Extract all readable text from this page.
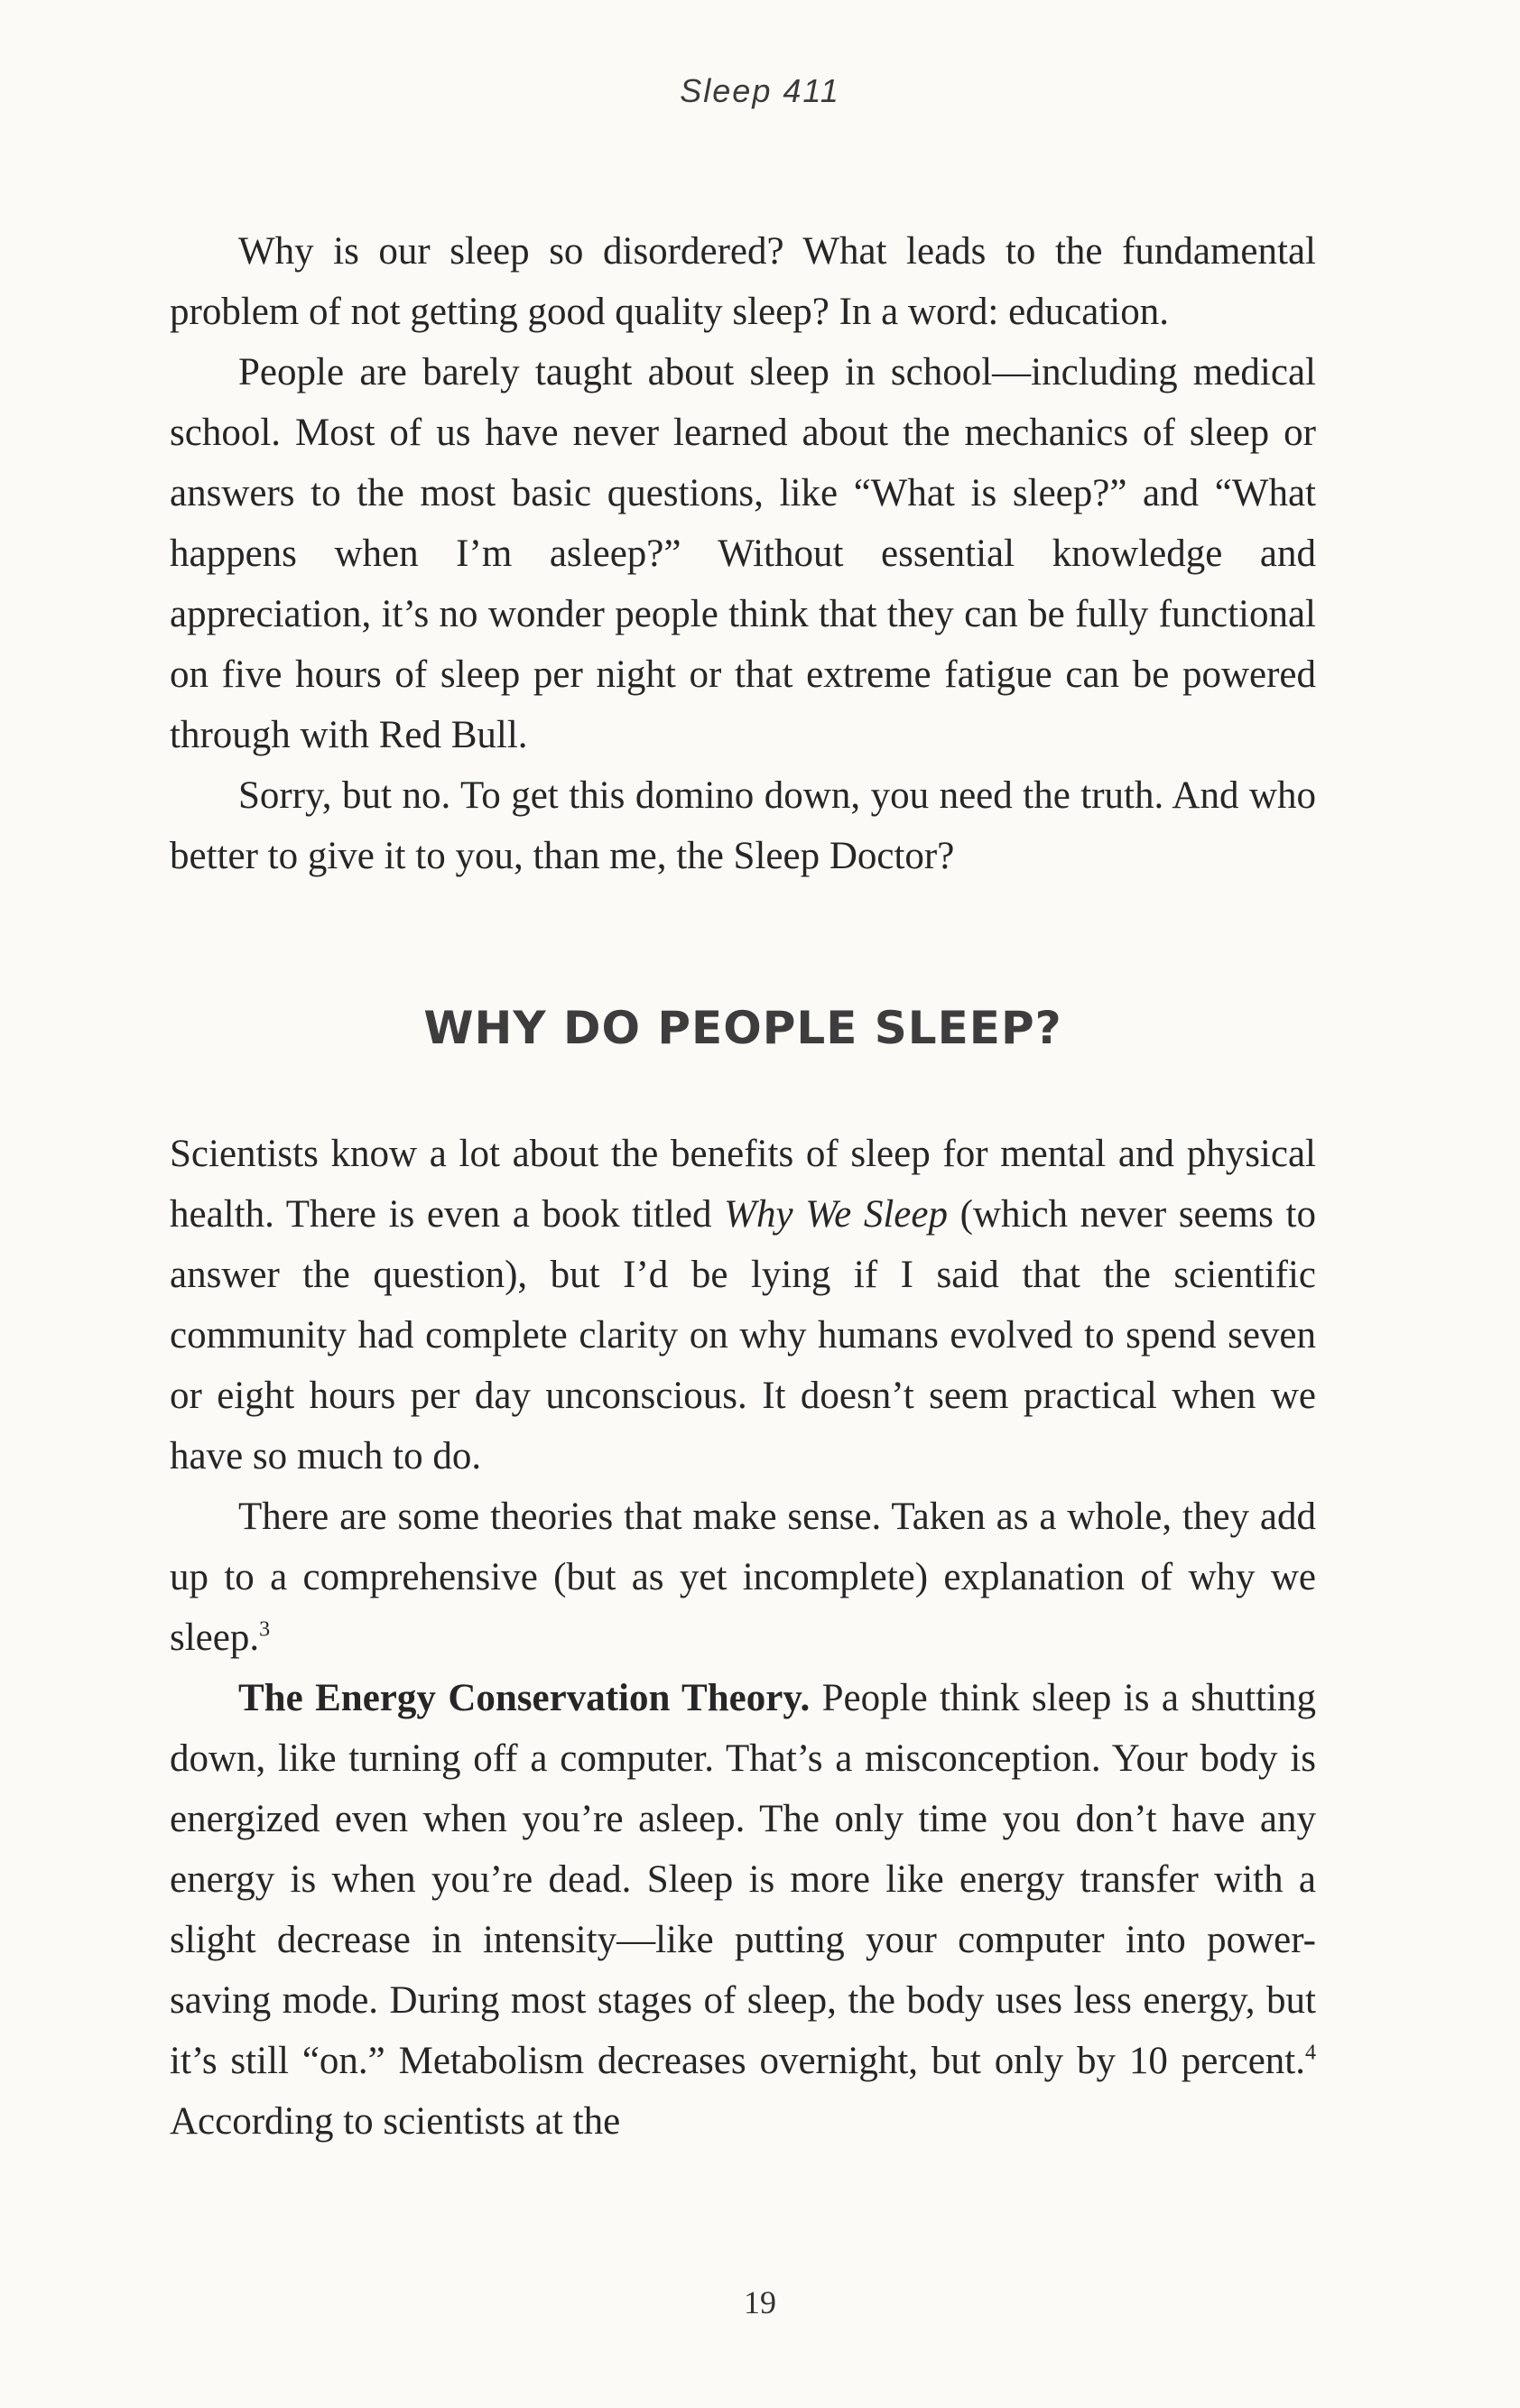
Sleep 411

Why is our sleep so disordered? What leads to the fundamental problem of not getting good quality sleep? In a word: education.

People are barely taught about sleep in school—including medical school. Most of us have never learned about the mechanics of sleep or answers to the most basic questions, like “What is sleep?” and “What happens when I’m asleep?” Without essential knowledge and appreciation, it’s no wonder people think that they can be fully functional on five hours of sleep per night or that extreme fatigue can be powered through with Red Bull.

Sorry, but no. To get this domino down, you need the truth. And who better to give it to you, than me, the Sleep Doctor?

WHY DO PEOPLE SLEEP?

Scientists know a lot about the benefits of sleep for mental and physical health. There is even a book titled Why We Sleep (which never seems to answer the question), but I’d be lying if I said that the scientific community had complete clarity on why humans evolved to spend seven or eight hours per day unconscious. It doesn’t seem practical when we have so much to do.

There are some theories that make sense. Taken as a whole, they add up to a comprehensive (but as yet incomplete) explanation of why we sleep.$^3$

The Energy Conservation Theory. People think sleep is a shutting down, like turning off a computer. That’s a misconception. Your body is energized even when you’re asleep. The only time you don’t have any energy is when you’re dead. Sleep is more like energy transfer with a slight decrease in intensity—like putting your computer into power-saving mode. During most stages of sleep, the body uses less energy, but it’s still “on.” Metabolism decreases overnight, but only by 10 percent.$^4$ According to scientists at the

19
